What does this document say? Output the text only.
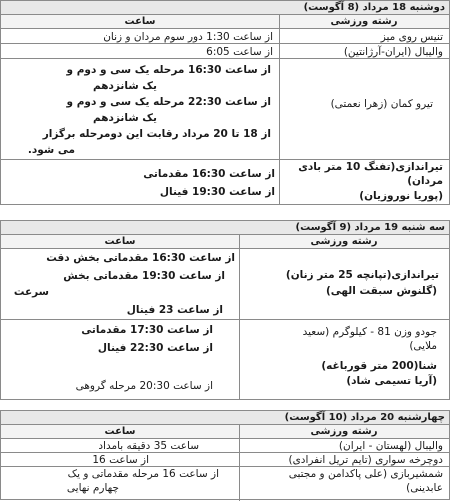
دوشنبه 18 مرداد (8 آگوست)
رشته ورزشی
ساعت
تنیس روی میز
از ساعت 1:30 دور سوم مردان و زنان
والیبال (ایران-آرژانتین)
از ساعت 6:05
تیرو کمان (زهرا نعمتی)
از ساعت 16:30 مرحله یک سی و دوم و
یک شانزدهم
از ساعت 22:30 مرحله یک سی و دوم و
یک شانزدهم
از 18 تا 20 مرداد رقابت این دومرحله برگزار
می شود.
تیراندازی(تفنگ 10 متر بادی
مردان)
(پوریا نوروزیان)
از ساعت 16:30 مقدماتی
از ساعت 19:30 فینال
سه شنبه 19 مرداد (9 آگوست)
رشته ورزشی
ساعت
تیراندازی(تپانچه 25 متر زنان)
(گلنوش سبقت الهی)
از ساعت 16:30 مقدماتی بخش دقت
از ساعت 19:30 مقدماتی بخش
سرعت
از ساعت 23 فینال
جودو وزن 81 - کیلوگرم (سعید
ملایی)
شنا(200 متر قورباغه)
(آریا تسیمی شاد)
از ساعت 17:30 مقدماتی
از ساعت 22:30 فینال
از ساعت 20:30 مرحله گروهی
چهارشنبه 20 مرداد (10 آگوست)
رشته ورزشی
ساعت
والیبال (لهستان - ایران)
ساعت 35 دقیقه بامداد
دوچرخه سواری (تایم تریل انفرادی)
از ساعت 16
شمشیربازی (علی پاکدامن و مجتبی
عابدینی)
از ساعت 16 مرحله مقدماتی و یک
چهارم نهایی
